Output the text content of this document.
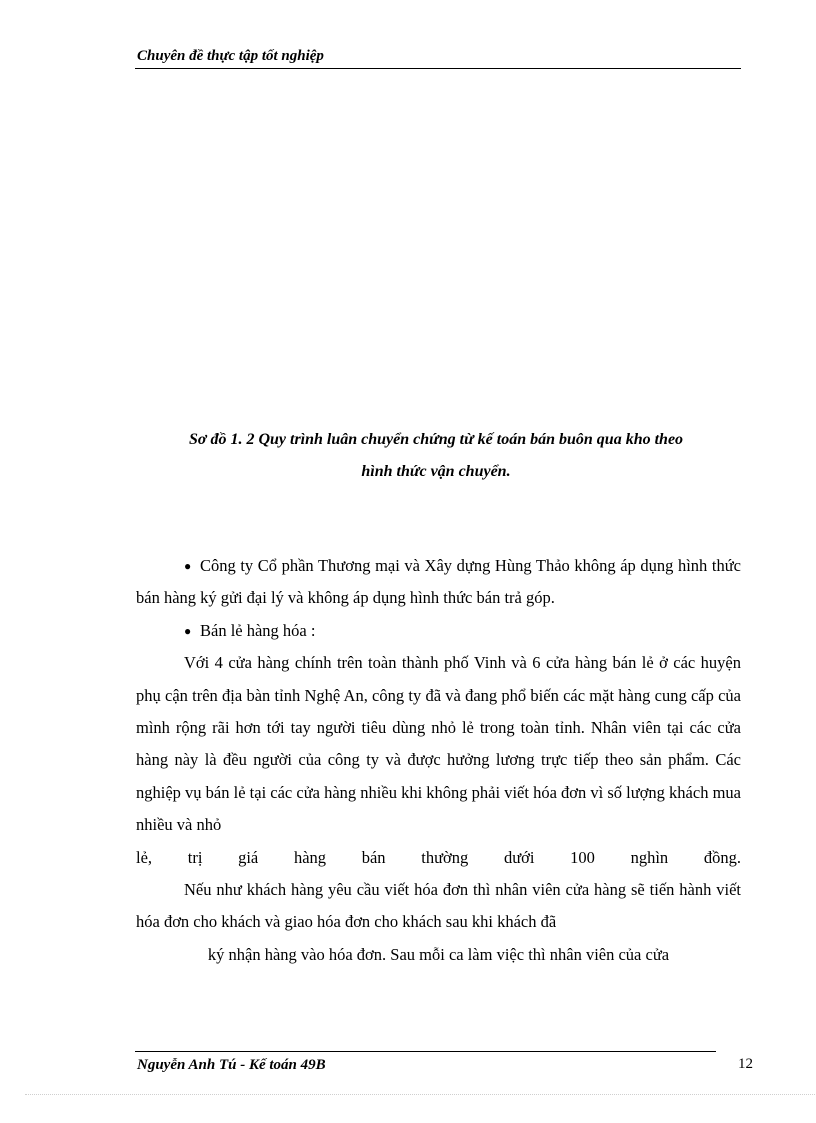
Chuyên đề thực tập tốt nghiệp
Sơ đồ 1. 2 Quy trình luân chuyển chứng từ kế toán bán buôn qua kho theo
hình thức vận chuyển.

● Công ty Cổ phần Thương mại và Xây dựng Hùng Thảo không áp dụng hình thức bán hàng ký gửi đại lý và không áp dụng hình thức bán trả góp.

● Bán lẻ hàng hóa :

Với 4 cửa hàng chính trên toàn thành phố Vinh và 6 cửa hàng bán lẻ ở các huyện phụ cận trên địa bàn tỉnh Nghệ An, công ty đã và đang phổ biến các mặt hàng cung cấp của mình rộng rãi hơn tới tay người tiêu dùng nhỏ lẻ trong toàn tỉnh. Nhân viên tại các cửa hàng này là đều người của công ty và được hưởng lương trực tiếp theo sản phẩm. Các nghiệp vụ bán lẻ tại các cửa hàng nhiều khi không phải viết hóa đơn vì số lượng khách mua nhiều và nhỏ

lẻ, trị giá hàng bán thường dưới 100 nghìn đồng.

Nếu như khách hàng yêu cầu viết hóa đơn thì nhân viên cửa hàng sẽ tiến hành viết hóa đơn cho khách và giao hóa đơn cho khách sau khi khách đã

ký nhận hàng vào hóa đơn. Sau mỗi ca làm việc thì nhân viên của cửa

Nguyễn Anh Tú - Kế toán 49B	12
